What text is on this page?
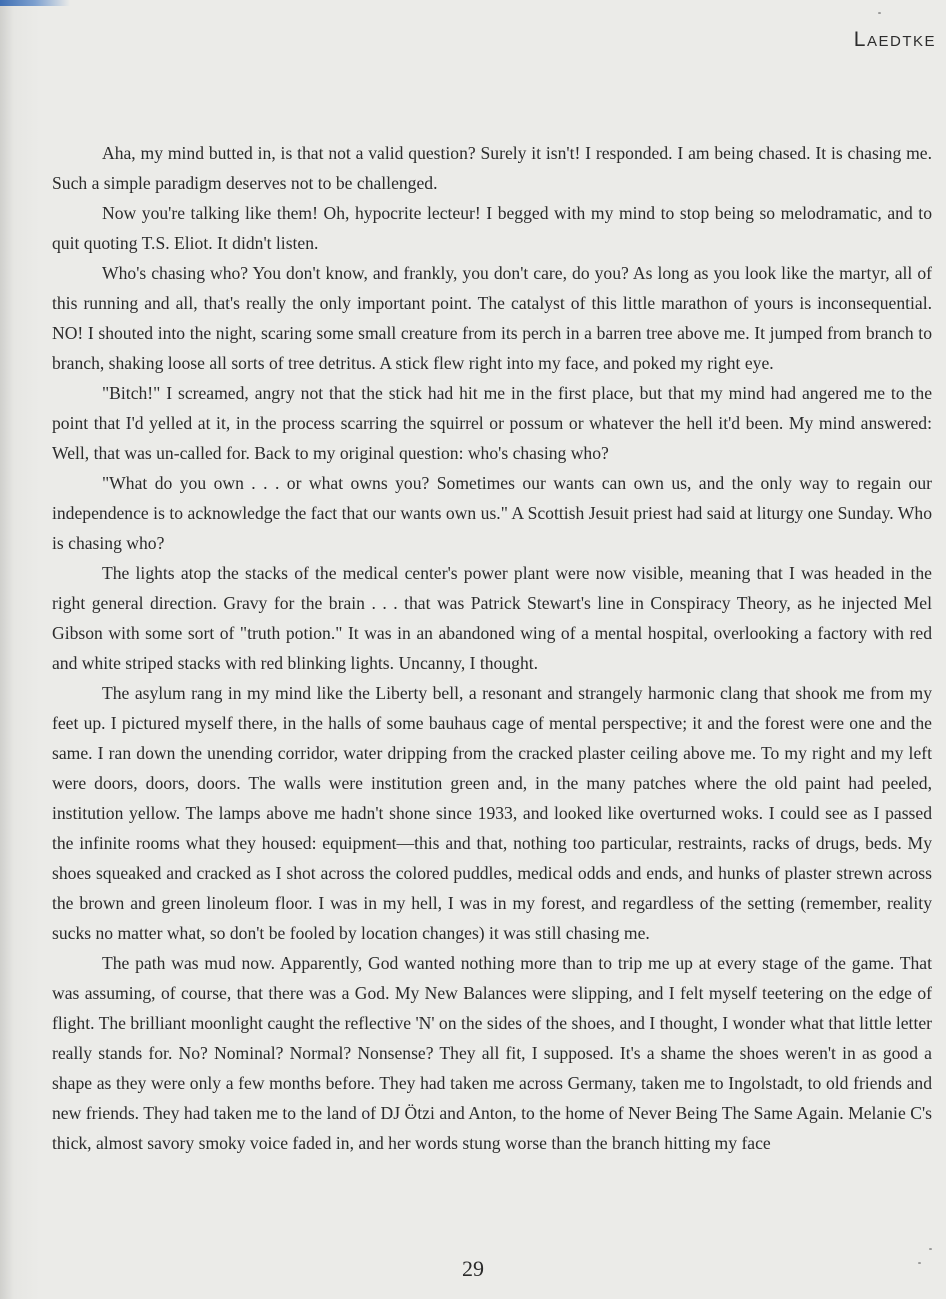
Laedtke

Aha, my mind butted in, is that not a valid question? Surely it isn't! I responded. I am being chased. It is chasing me. Such a simple paradigm deserves not to be challenged.

Now you're talking like them! Oh, hypocrite lecteur! I begged with my mind to stop being so melodramatic, and to quit quoting T.S. Eliot. It didn't listen.

Who's chasing who? You don't know, and frankly, you don't care, do you? As long as you look like the martyr, all of this running and all, that's really the only important point. The catalyst of this little marathon of yours is inconsequential. NO! I shouted into the night, scaring some small creature from its perch in a barren tree above me. It jumped from branch to branch, shaking loose all sorts of tree detritus. A stick flew right into my face, and poked my right eye.

"Bitch!" I screamed, angry not that the stick had hit me in the first place, but that my mind had angered me to the point that I'd yelled at it, in the process scarring the squirrel or possum or whatever the hell it'd been. My mind answered: Well, that was un-called for. Back to my original question: who's chasing who?

"What do you own . . . or what owns you? Sometimes our wants can own us, and the only way to regain our independence is to acknowledge the fact that our wants own us." A Scottish Jesuit priest had said at liturgy one Sunday. Who is chasing who?

The lights atop the stacks of the medical center's power plant were now visible, meaning that I was headed in the right general direction. Gravy for the brain . . . that was Patrick Stewart's line in Conspiracy Theory, as he injected Mel Gibson with some sort of "truth potion." It was in an abandoned wing of a mental hospital, overlooking a factory with red and white striped stacks with red blinking lights. Uncanny, I thought.

The asylum rang in my mind like the Liberty bell, a resonant and strangely harmonic clang that shook me from my feet up. I pictured myself there, in the halls of some bauhaus cage of mental perspective; it and the forest were one and the same. I ran down the unending corridor, water dripping from the cracked plaster ceiling above me. To my right and my left were doors, doors, doors. The walls were institution green and, in the many patches where the old paint had peeled, institution yellow. The lamps above me hadn't shone since 1933, and looked like overturned woks. I could see as I passed the infinite rooms what they housed: equipment—this and that, nothing too particular, restraints, racks of drugs, beds. My shoes squeaked and cracked as I shot across the colored puddles, medical odds and ends, and hunks of plaster strewn across the brown and green linoleum floor. I was in my hell, I was in my forest, and regardless of the setting (remember, reality sucks no matter what, so don't be fooled by location changes) it was still chasing me.

The path was mud now. Apparently, God wanted nothing more than to trip me up at every stage of the game. That was assuming, of course, that there was a God. My New Balances were slipping, and I felt myself teetering on the edge of flight. The brilliant moonlight caught the reflective 'N' on the sides of the shoes, and I thought, I wonder what that little letter really stands for. No? Nominal? Normal? Nonsense? They all fit, I supposed. It's a shame the shoes weren't in as good a shape as they were only a few months before. They had taken me across Germany, taken me to Ingolstadt, to old friends and new friends. They had taken me to the land of DJ Ötzi and Anton, to the home of Never Being The Same Again. Melanie C's thick, almost savory smoky voice faded in, and her words stung worse than the branch hitting my face

29
